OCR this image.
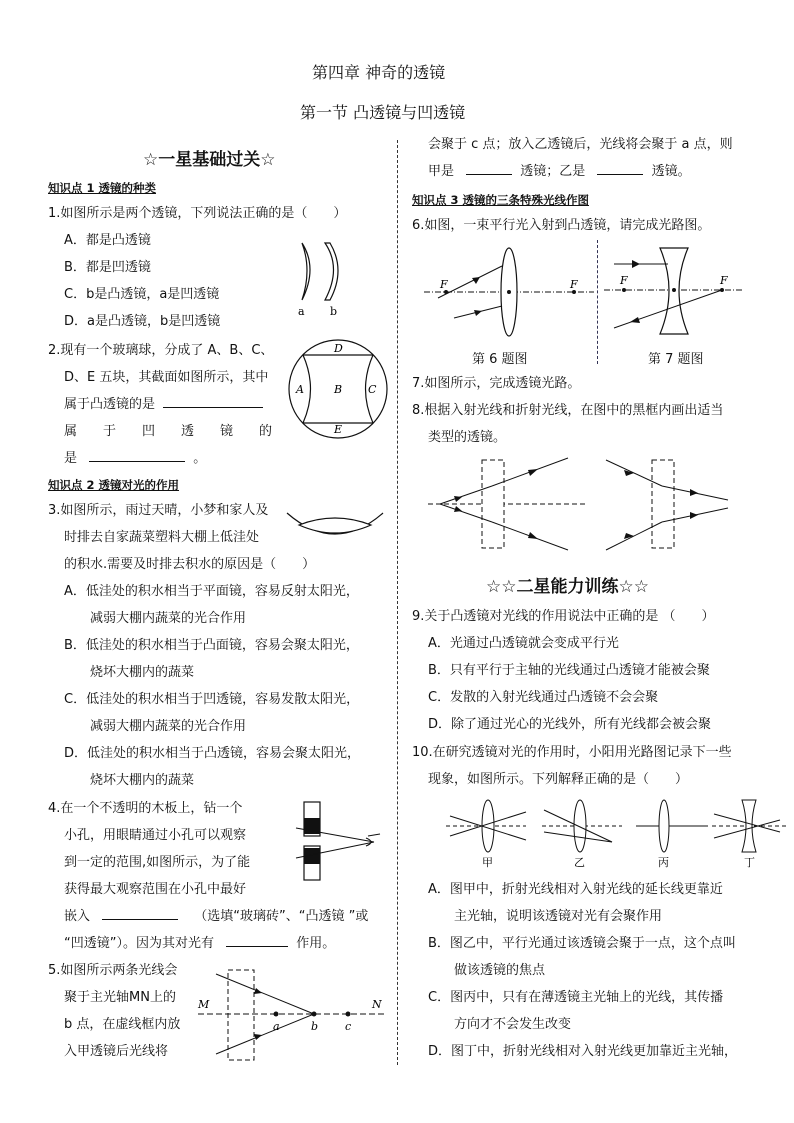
第四章 神奇的透镜
第一节 凸透镜与凹透镜
☆一星基础过关☆
知识点 1 透镜的种类
1.如图所示是两个透镜，下列说法正确的是（　　）
A．都是凸透镜
B．都是凹透镜
C．b是凸透镜，a是凹透镜
D．a是凸透镜，b是凹透镜
a b
2.现有一个玻璃球，分成了 A、B、C、
D、E 五块，其截面如图所示，其中
属于凸透镜的是
属　　于　　凹　　透　　镜　　的
是	。
D
A	B C
E
知识点 2 透镜对光的作用
3.如图所示，雨过天晴，小梦和家人及
时排去自家蔬菜塑料大棚上低洼处
的积水.需要及时排去积水的原因是（　　）
A．低洼处的积水相当于平面镜，容易反射太阳光，
减弱大棚内蔬菜的光合作用
B．低洼处的积水相当于凸面镜，容易会聚太阳光，
烧坏大棚内的蔬菜
C．低洼处的积水相当于凹透镜，容易发散太阳光，
减弱大棚内蔬菜的光合作用
D．低洼处的积水相当于凸透镜，容易会聚太阳光，
烧坏大棚内的蔬菜
4.在一个不透明的木板上，钻一个
小孔，用眼睛通过小孔可以观察
到一定的范围,如图所示，为了能
获得最大观察范围在小孔中最好
嵌入	（选填“玻璃砖”、“凸透镜 ”或
“凹透镜”）。因为其对光有	作用。
5.如图所示两条光线会
聚于主光轴MN上的
b 点，在虚线框内放
入甲透镜后光线将
M	N
a	b c
会聚于 c 点；放入乙透镜后，光线将会聚于 a 点，则
甲是	透镜；乙是	透镜。
知识点 3 透镜的三条特殊光线作图
6.如图，一束平行光入射到凸透镜，请完成光路图。
F	F
第 6 题图
F	F
第 7 题图
7.如图所示，完成透镜光路。
8.根据入射光线和折射光线，在图中的黑框内画出适当
类型的透镜。
☆☆二星能力训练☆☆
9.关于凸透镜对光线的作用说法中正确的是 （　　）
A．光通过凸透镜就会变成平行光
B．只有平行于主轴的光线通过凸透镜才能被会聚
C．发散的入射光线通过凸透镜不会会聚
D．除了通过光心的光线外，所有光线都会被会聚
10.在研究透镜对光的作用时，小阳用光路图记录下一些
现象，如图所示。下列解释正确的是（　　）
甲	乙	丙	丁
A．图甲中，折射光线相对入射光线的延长线更靠近
主光轴，说明该透镜对光有会聚作用
B．图乙中，平行光通过该透镜会聚于一点，这个点叫
做该透镜的焦点
C．图丙中，只有在薄透镜主光轴上的光线，其传播
方向才不会发生改变
D．图丁中，折射光线相对入射光线更加靠近主光轴，
